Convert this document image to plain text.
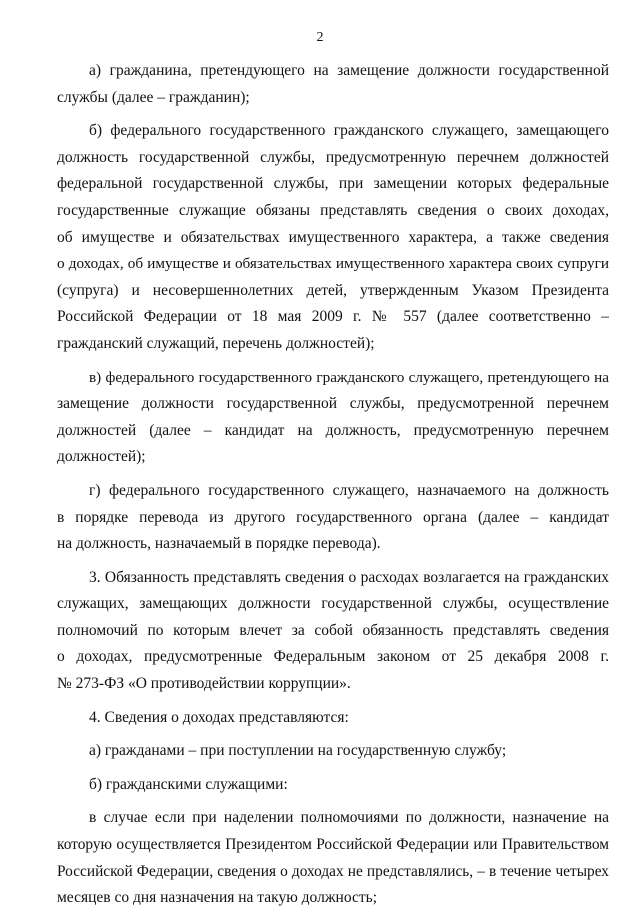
2
а) гражданина, претендующего на замещение должности государственной
службы (далее – гражданин);
б) федерального государственного гражданского служащего, замещающего
должность государственной службы, предусмотренную перечнем должностей
федеральной государственной службы, при замещении которых федеральные
государственные служащие обязаны представлять сведения о своих доходах,
об имуществе и обязательствах имущественного характера, а также сведения
о доходах, об имуществе и обязательствах имущественного характера своих супруги
(супруга) и несовершеннолетних детей, утвержденным Указом Президента
Российской Федерации от 18 мая 2009 г. № 557 (далее соответственно –
гражданский служащий, перечень должностей);
в) федерального государственного гражданского служащего, претендующего на
замещение должности государственной службы, предусмотренной перечнем
должностей (далее – кандидат на должность, предусмотренную перечнем
должностей);
г) федерального государственного служащего, назначаемого на должность
в порядке перевода из другого государственного органа (далее – кандидат
на должность, назначаемый в порядке перевода).
3. Обязанность представлять сведения о расходах возлагается на гражданских
служащих, замещающих должности государственной службы, осуществление
полномочий по которым влечет за собой обязанность представлять сведения
о доходах, предусмотренные Федеральным законом от 25 декабря 2008 г.
№ 273-ФЗ «О противодействии коррупции».
4. Сведения о доходах представляются:
а) гражданами – при поступлении на государственную службу;
б) гражданскими служащими:
в случае если при наделении полномочиями по должности, назначение на
которую осуществляется Президентом Российской Федерации или Правительством
Российской Федерации, сведения о доходах не представлялись, – в течение четырех
месяцев со дня назначения на такую должность;
